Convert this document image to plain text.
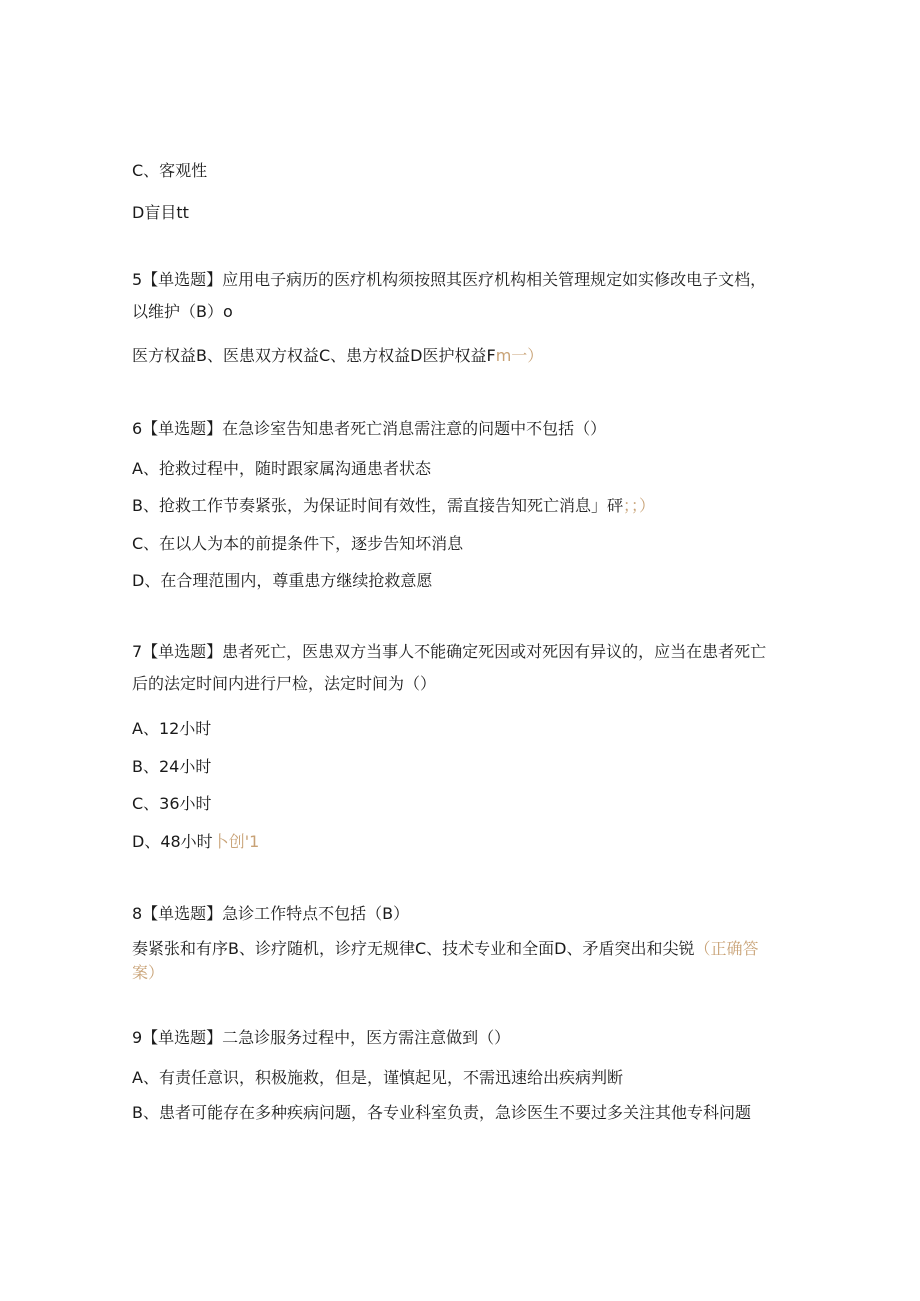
C、客观性
D盲目tt
5【单选题】应用电子病历的医疗机构须按照其医疗机构相关管理规定如实修改电子文档，以维护（B）o
医方权益B、医患双方权益C、患方权益D医护权益Fm一）
6【单选题】在急诊室告知患者死亡消息需注意的问题中不包括（）
A、抢救过程中，随时跟家属沟通患者状态
B、抢救工作节奏紧张，为保证时间有效性，需直接告知死亡消息」砰；；）
C、在以人为本的前提条件下，逐步告知坏消息
D、在合理范围内，尊重患方继续抢救意愿
7【单选题】患者死亡，医患双方当事人不能确定死因或对死因有异议的，应当在患者死亡后的法定时间内进行尸检，法定时间为（）
A、12小时
B、24小时
C、36小时
D、48小时卜创'1
8【单选题】急诊工作特点不包括（B）
奏紧张和有序B、诊疗随机，诊疗无规律C、技术专业和全面D、矛盾突出和尖锐（正确答案）
9【单选题】二急诊服务过程中，医方需注意做到（）
A、有责任意识，积极施救，但是，谨慎起见，不需迅速给出疾病判断
B、患者可能存在多种疾病问题，各专业科室负责，急诊医生不要过多关注其他专科问题
